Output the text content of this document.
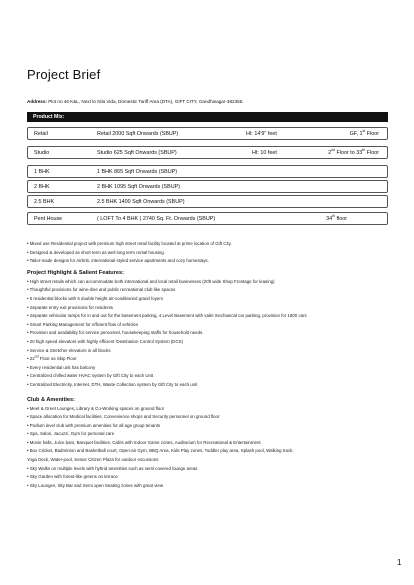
Project Brief
Address: Plot no 46 K&L, Next to Nila Vida, Domestic Tariff Area (DTA), GIFT CITY, Gandhinagar-382355.
Product Mix:
Retail	Retail 2000 Sqft Onwards (SBUP)	Ht: 14'9" feet	GF, 1st Floor
Studio	Studio 625 Sqft Onwards (SBUP)	Ht: 10 feet	2nd Floor to 33th Floor
1 BHK	1 BHK 865 Sqft Onwards (SBUP)
2 BHK	2 BHK 1095 Sqft Onwards (SBUP)
2.5 BHK	2.5 BHK 1400 Sqft Onwards (SBUP)
Pent House	( LOFT To 4 BHK ) 2740 Sq. Ft. Onwards (SBUP)	34th floor

• Mixed use Residential project with premium high street retail facility located at prime location of Gift City.

• Designed & developed as short term as well long term rental housing.

• Tailor-made designs for Airbnb, international styled service apartments and cozy homestays.

Project Highlight & Salient Features:

• High street retails which can accommodate both international and local retail businesses (20ft wide Shop Frontage for leasing)

• Thoughtful provisions for wine-dine and public recreational club like spaces

• 5 residential blocks with 5 double height air-conditioned grand foyers

• Separate entry exit provisions for residents

• Separate vehicular ramps for in and out for the basement parking, 4 Level Basement with valet mechanical car parking, provision for 1800 cars

• Smart Parking Management for efficient flow of vehicles

• Provision and availability for service personnel, housekeeping staffs for household needs.

• 20 high speed elevators with highly efficient 'Destination Control System (DCS)

• Service & Stretcher elevators in all blocks

• 22nd Floor as Skip Floor

• Every residential unit has balcony

• Centralized chilled water HVAC system by Gift City to each Unit

• Centralized Electricity, Internet, DTH, Waste Collection system by Gift City to each unit

Club & Amenities:

• Meet & Greet Lounges, Library & Co-Working spaces on ground floor

• Space allocation for Medical facilities, Convenience shops and Security personnel on ground floor

• Podium level club with premium amenities for all age group tenants

• Spa, Salon, Jacuzzi, Gym for personal care

• Movie halls, Juice bars, Banquet facilities, Cafes with Indoor Game zones, Auditorium for Recreational & Entertainment

• Box Cricket, Badminton and Basketball court, Open-air Gym, BBQ Area, Kids Play zones, Toddler play area, Splash pool, Walking track,

Yoga Deck, Water-pool, Senior Citizen Plaza for outdoor excursions

• Sky Walks on multiple levels with hybrid amenities such as semi covered lounge areas

• Sky Garden with forest-like greens on terrace

• Sky Lounges, Sky Bar and Semi open Seating zones with great view

1
